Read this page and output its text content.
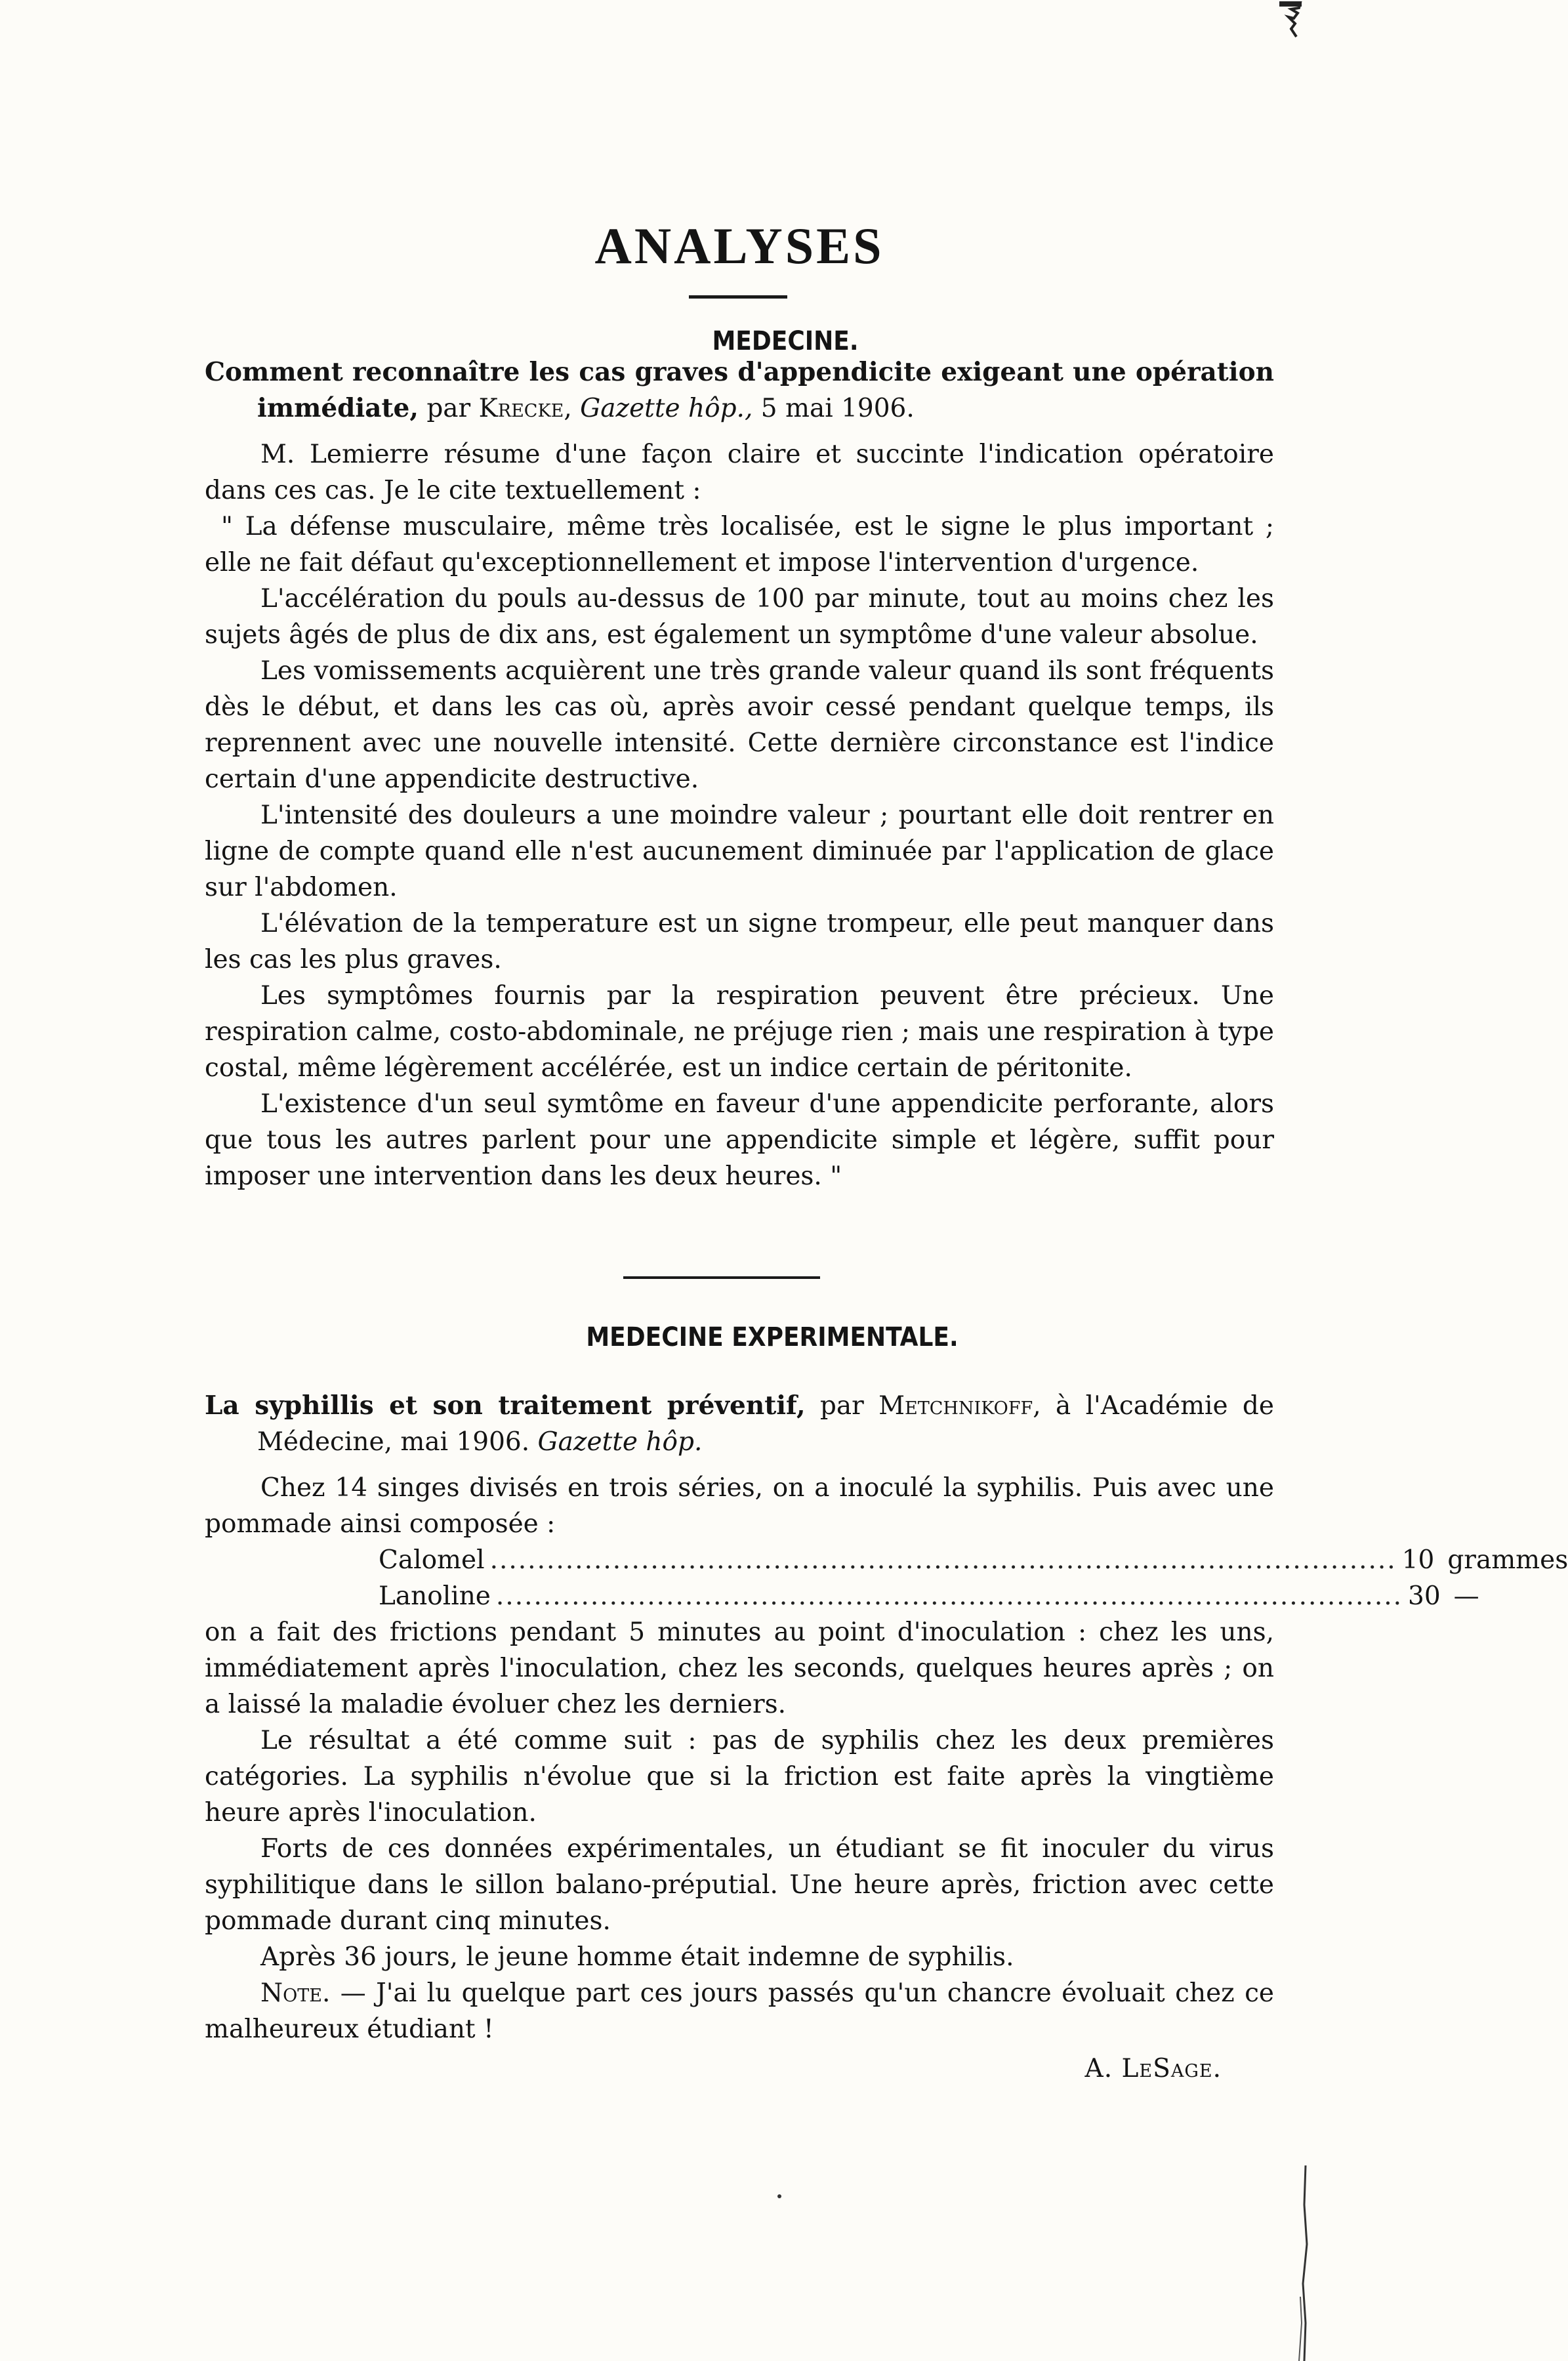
ANALYSES
MEDECINE.
Comment reconnaître les cas graves d'appendicite exigeant une opération immédiate, par Krecke, Gazette hôp., 5 mai 1906.

M. Lemierre résume d'une façon claire et succinte l'indication opératoire dans ces cas. Je le cite textuellement :

" La défense musculaire, même très localisée, est le signe le plus important ; elle ne fait défaut qu'exceptionnellement et impose l'intervention d'urgence.

L'accélération du pouls au-dessus de 100 par minute, tout au moins chez les sujets âgés de plus de dix ans, est également un symptôme d'une valeur absolue.

Les vomissements acquièrent une très grande valeur quand ils sont fréquents dès le début, et dans les cas où, après avoir cessé pendant quelque temps, ils reprennent avec une nouvelle intensité. Cette dernière circonstance est l'indice certain d'une appendicite destructive.

L'intensité des douleurs a une moindre valeur ; pourtant elle doit rentrer en ligne de compte quand elle n'est aucunement diminuée par l'application de glace sur l'abdomen.

L'élévation de la temperature est un signe trompeur, elle peut manquer dans les cas les plus graves.

Les symptômes fournis par la respiration peuvent être précieux. Une respiration calme, costo-abdominale, ne préjuge rien ; mais une respiration à type costal, même légèrement accélérée, est un indice certain de péritonite.

L'existence d'un seul symtôme en faveur d'une appendicite perforante, alors que tous les autres parlent pour une appendicite simple et légère, suffit pour imposer une intervention dans les deux heures. "

MEDECINE EXPERIMENTALE.
La syphillis et son traitement préventif, par Metchnikoff, à l'Académie de Médecine, mai 1906. Gazette hôp.

Chez 14 singes divisés en trois séries, on a inoculé la syphilis. Puis avec une pommade ainsi composée :

Calomel ................................................................................................ 10 grammes
Lanoline ................................................................................................ 30 —

on a fait des frictions pendant 5 minutes au point d'inoculation : chez les uns, immédiatement après l'inoculation, chez les seconds, quelques heures après ; on a laissé la maladie évoluer chez les derniers.

Le résultat a été comme suit : pas de syphilis chez les deux premières catégories. La syphilis n'évolue que si la friction est faite après la vingtième heure après l'inoculation.

Forts de ces données expérimentales, un étudiant se fit inoculer du virus syphilitique dans le sillon balano-préputial. Une heure après, friction avec cette pommade durant cinq minutes.

Après 36 jours, le jeune homme était indemne de syphilis.

Note. — J'ai lu quelque part ces jours passés qu'un chancre évoluait chez ce malheureux étudiant !

A. LeSage.
